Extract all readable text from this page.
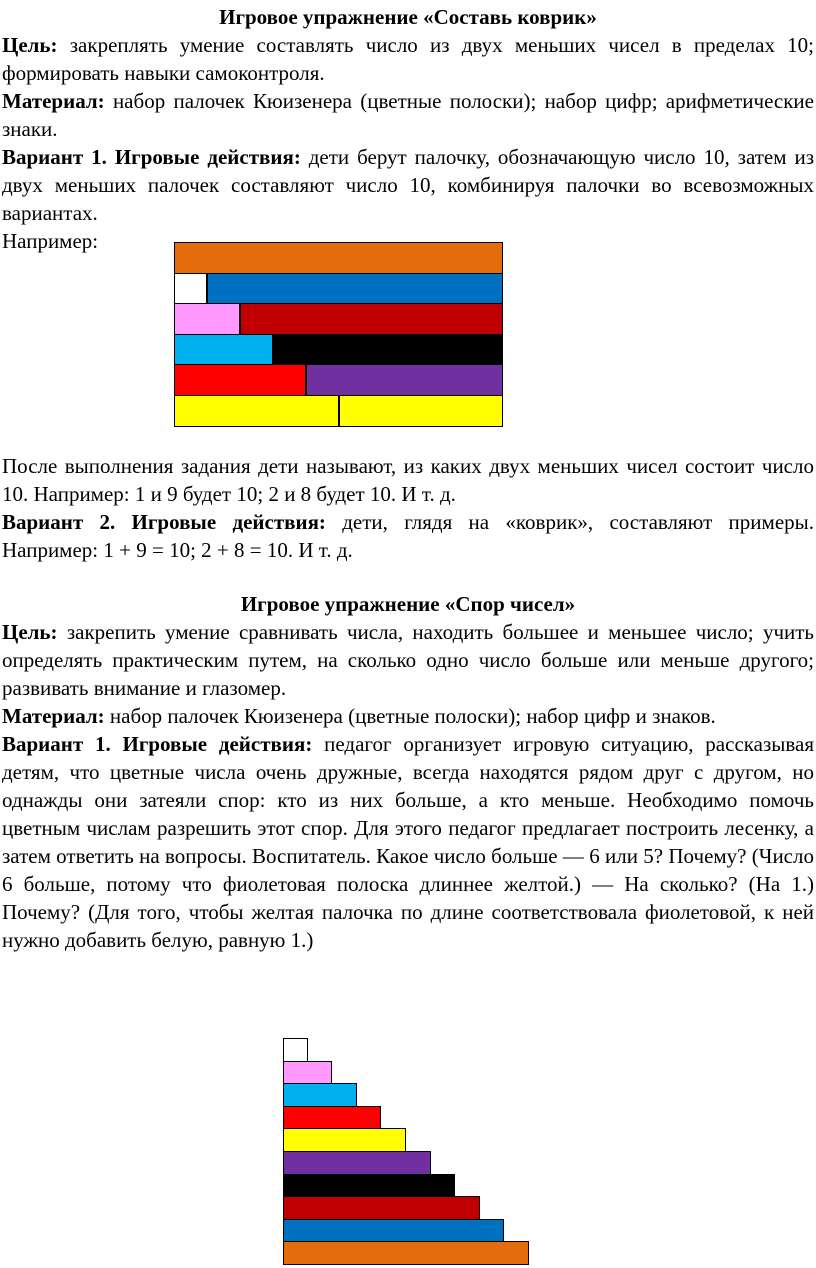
Игровое упражнение «Составь коврик»

Цель: закреплять умение составлять число из двух меньших чисел в пределах 10; формировать навыки самоконтроля.

Материал: набор палочек Кюизенера (цветные полоски); набор цифр; арифметические знаки.

Вариант 1. Игровые действия: дети берут палочку, обозначающую число 10, затем из двух меньших палочек составляют число 10, комбинируя палочки во всевозможных вариантах.

Например:

После выполнения задания дети называют, из каких двух меньших чисел состоит число 10. Например: 1 и 9 будет 10; 2 и 8 будет 10. И т. д.

Вариант 2. Игровые действия: дети, глядя на «коврик», составляют примеры. Например: 1 + 9 = 10; 2 + 8 = 10. И т. д.

Игровое упражнение «Спор чисел»

Цель: закрепить умение сравнивать числа, находить большее и меньшее число; учить определять практическим путем, на сколько одно число больше или меньше другого; развивать внимание и глазомер.

Материал: набор палочек Кюизенера (цветные полоски); набор цифр и знаков.

Вариант 1. Игровые действия: педагог организует игровую ситуацию, рассказывая детям, что цветные числа очень дружные, всегда находятся рядом друг с другом, но однажды они затеяли спор: кто из них больше, а кто меньше. Необходимо помочь цветным числам разрешить этот спор. Для этого педагог предлагает построить лесенку, а затем ответить на вопросы. Воспитатель. Какое число больше — 6 или 5? Почему? (Число 6 больше, потому что фиолетовая полоска длиннее желтой.) — На сколько? (На 1.) Почему? (Для того, чтобы желтая палочка по длине соответствовала фиолетовой, к ней нужно добавить белую, равную 1.)
